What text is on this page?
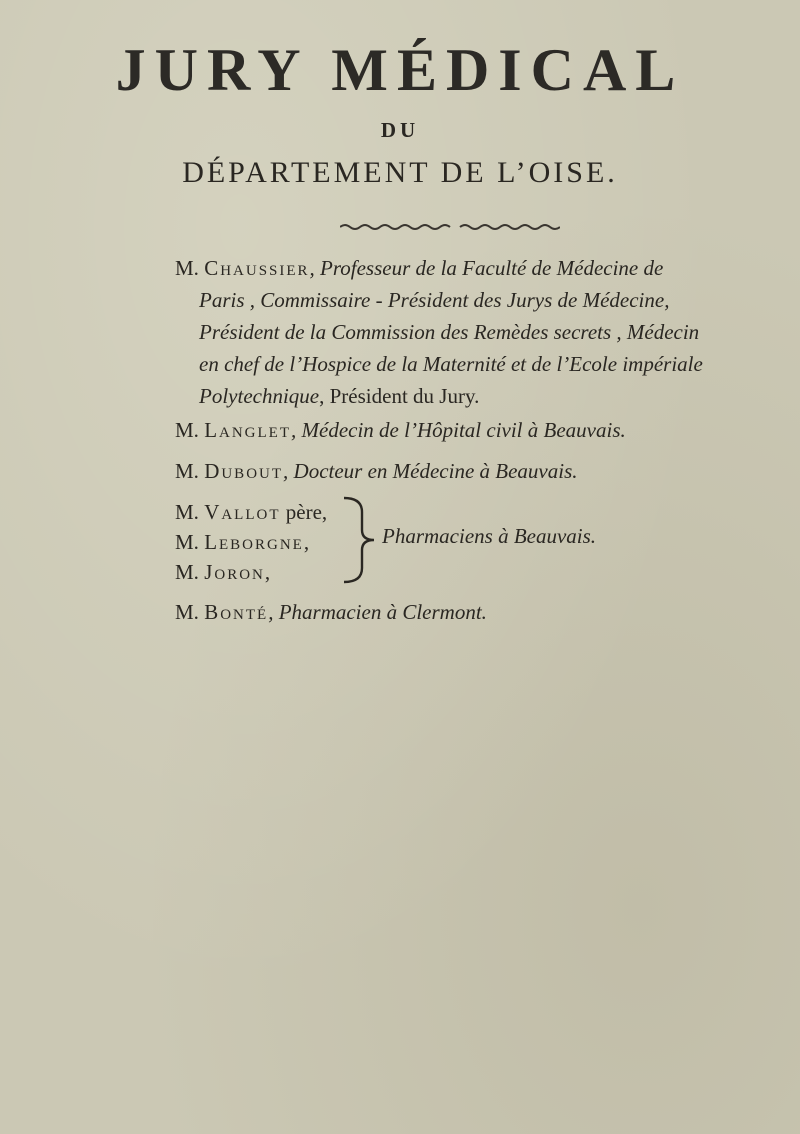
JURY MÉDICAL
DU
DÉPARTEMENT DE L’OISE.
M. Chaussier, Professeur de la Faculté de Médecine de
Paris , Commissaire - Président des Jurys de Médecine,
Président de la Commission des Remèdes secrets , Médecin
en chef de l’Hospice de la Maternité et de l’Ecole impériale
Polytechnique, Président du Jury.
M. Langlet, Médecin de l’Hôpital civil à Beauvais.
M. Dubout, Docteur en Médecine à Beauvais.
M. Vallot père,
M. Leborgne,
M. Joron,
Pharmaciens à Beauvais.
M. Bonté, Pharmacien à Clermont.
